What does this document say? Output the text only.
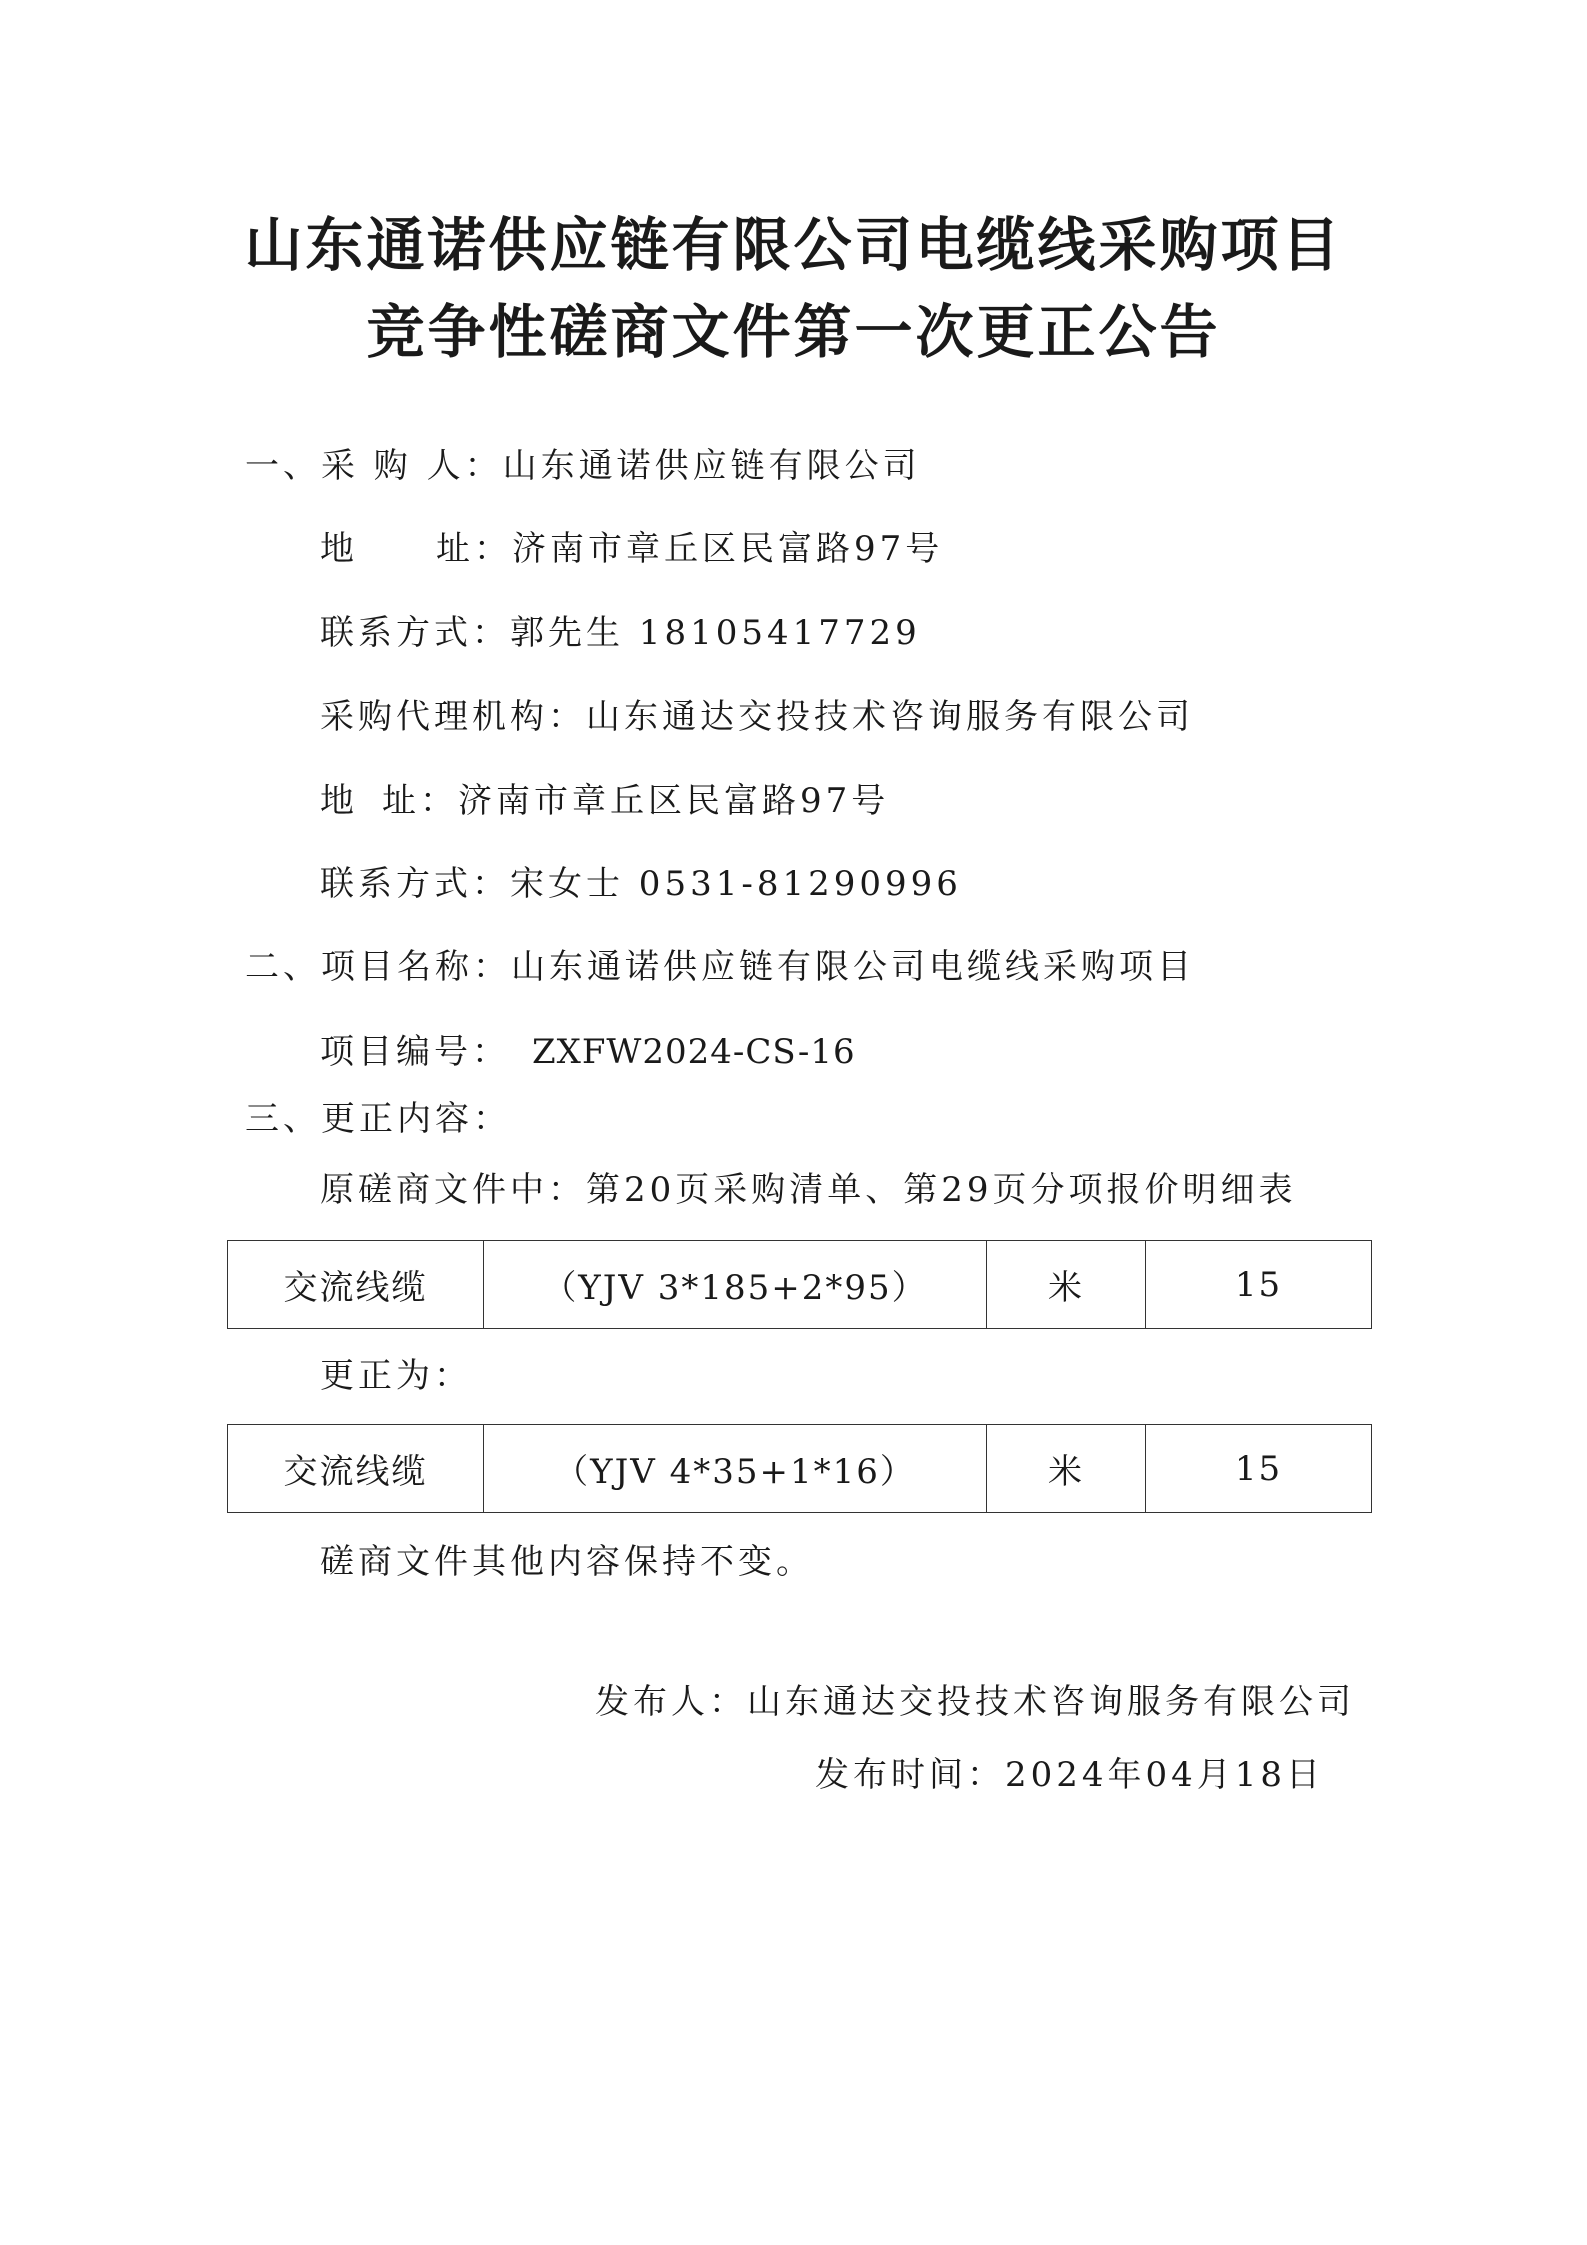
山东通诺供应链有限公司电缆线采购项目
竞争性磋商文件第一次更正公告
一、采 购 人：山东通诺供应链有限公司
地址：济南市章丘区民富路97号
联系方式：郭先生 18105417729
采购代理机构：山东通达交投技术咨询服务有限公司
地址：济南市章丘区民富路97号
联系方式：宋女士 0531-81290996
二、项目名称：山东通诺供应链有限公司电缆线采购项目
项目编号： ZXFW2024-CS-16
三、更正内容：
原磋商文件中：第20页采购清单、第29页分项报价明细表
交流线缆	（YJV 3*185+2*95）	米	15
更正为：
交流线缆	（YJV 4*35+1*16）	米	15
磋商文件其他内容保持不变。
发布人：山东通达交投技术咨询服务有限公司
发布时间：2024年04月18日
